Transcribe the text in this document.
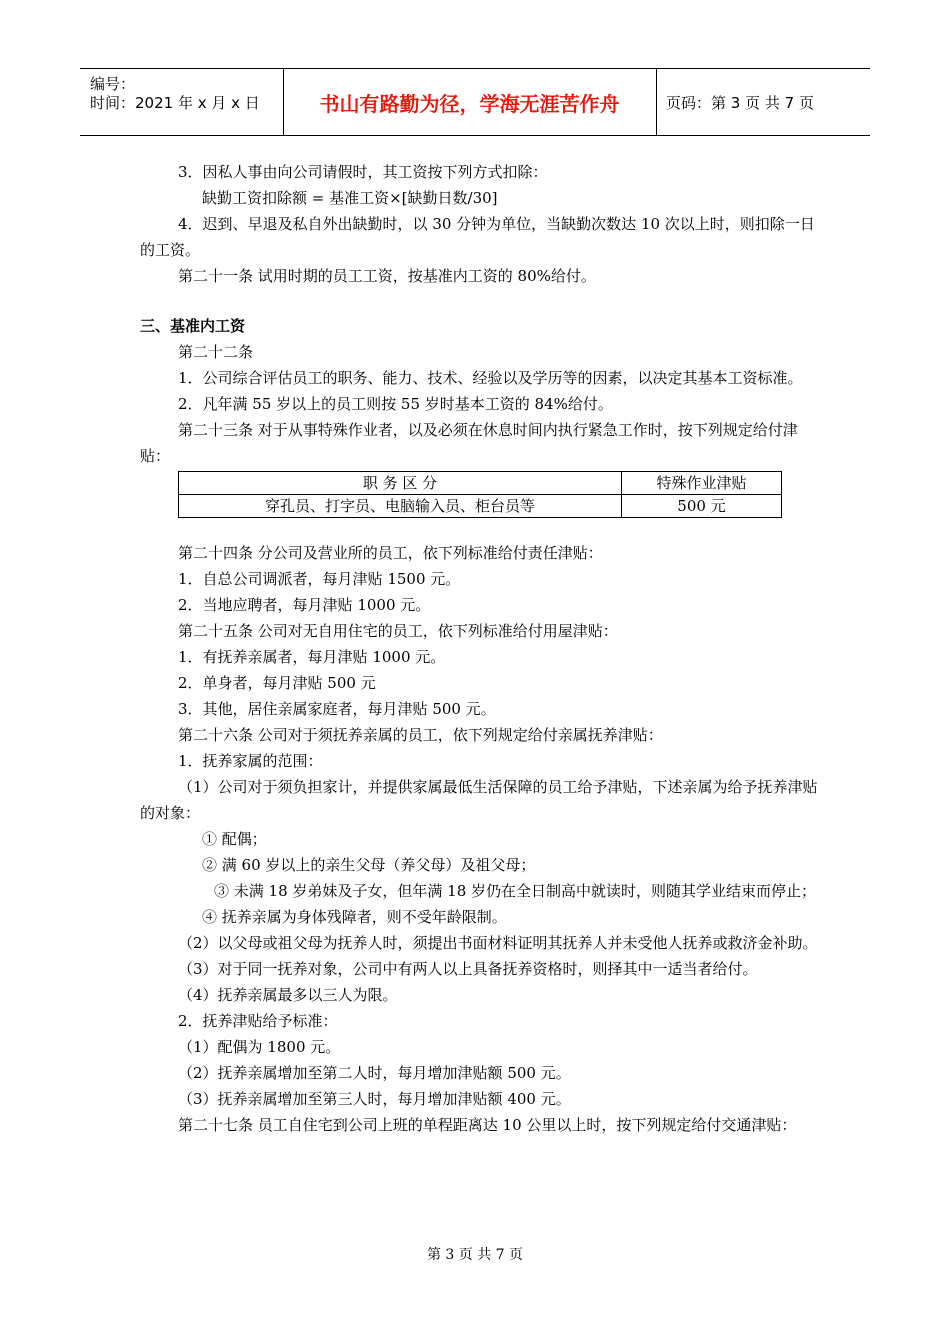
编号：
时间：2021 年 x 月 x 日	书山有路勤为径，学海无涯苦作舟	页码：第 3 页 共 7 页

3．因私人事由向公司请假时，其工资按下列方式扣除：

缺勤工资扣除额 = 基准工资×[缺勤日数/30]

4．迟到、早退及私自外出缺勤时，以 30 分钟为单位，当缺勤次数达 10 次以上时，则扣除一日的工资。

第二十一条 试用时期的员工工资，按基准内工资的 80%给付。

三、基准内工资

第二十二条

1．公司综合评估员工的职务、能力、技术、经验以及学历等的因素，以决定其基本工资标准。

2．凡年满 55 岁以上的员工则按 55 岁时基本工资的 84%给付。

第二十三条 对于从事特殊作业者，以及必须在休息时间内执行紧急工作时，按下列规定给付津贴：

职 务 区 分	特殊作业津贴
穿孔员、打字员、电脑输入员、柜台员等	500 元

第二十四条 分公司及营业所的员工，依下列标准给付责任津贴：

1．自总公司调派者，每月津贴 1500 元。

2．当地应聘者，每月津贴 1000 元。

第二十五条 公司对无自用住宅的员工，依下列标准给付用屋津贴：

1．有抚养亲属者，每月津贴 1000 元。

2．单身者，每月津贴 500 元

3．其他，居住亲属家庭者，每月津贴 500 元。

第二十六条 公司对于须抚养亲属的员工，依下列规定给付亲属抚养津贴：

1．抚养家属的范围：

（1）公司对于须负担家计，并提供家属最低生活保障的员工给予津贴，下述亲属为给予抚养津贴的对象：

① 配偶；

② 满 60 岁以上的亲生父母（养父母）及祖父母；

③ 未满 18 岁弟妹及子女，但年满 18 岁仍在全日制高中就读时，则随其学业结束而停止；

④ 抚养亲属为身体残障者，则不受年龄限制。

（2）以父母或祖父母为抚养人时，须提出书面材料证明其抚养人并未受他人抚养或救济金补助。

（3）对于同一抚养对象，公司中有两人以上具备抚养资格时，则择其中一适当者给付。

（4）抚养亲属最多以三人为限。

2．抚养津贴给予标准：

（1）配偶为 1800 元。

（2）抚养亲属增加至第二人时，每月增加津贴额 500 元。

（3）抚养亲属增加至第三人时，每月增加津贴额 400 元。

第二十七条 员工自住宅到公司上班的单程距离达 10 公里以上时，按下列规定给付交通津贴：

第 3 页 共 7 页
